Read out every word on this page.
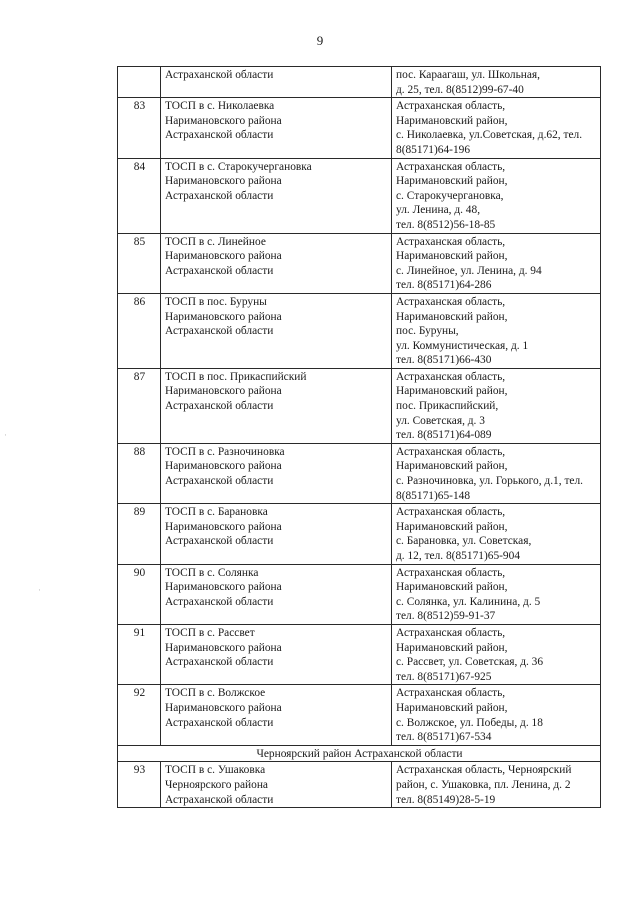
9

	Астраханской области	пос. Караагаш, ул. Школьная,
д. 25, тел. 8(8512)99-67-40

83	ТОСП в с. Николаевка
Наримановского района
Астраханской области	Астраханская область,
Наримановский район,
с. Николаевка, ул.Советская, д.62, тел.
8(85171)64-196

84	ТОСП в с. Старокучергановка
Наримановского района
Астраханской области	Астраханская область,
Наримановский район,
с. Старокучергановка,
ул. Ленина, д. 48,
тел. 8(8512)56-18-85

85	ТОСП в с. Линейное
Наримановского района
Астраханской области	Астраханская область,
Наримановский район,
с. Линейное, ул. Ленина, д. 94
тел. 8(85171)64-286

86	ТОСП в пос. Буруны
Наримановского района
Астраханской области	Астраханская область,
Наримановский район,
пос. Буруны,
ул. Коммунистическая, д. 1
тел. 8(85171)66-430

87	ТОСП в пос. Прикаспийский
Наримановского района
Астраханской области	Астраханская область,
Наримановский район,
пос. Прикаспийский,
ул. Советская, д. 3
тел. 8(85171)64-089

88	ТОСП в с. Разночиновка
Наримановского района
Астраханской области	Астраханская область,
Наримановский район,
с. Разночиновка, ул. Горького, д.1, тел.
8(85171)65-148

89	ТОСП в с. Барановка
Наримановского района
Астраханской области	Астраханская область,
Наримановский район,
с. Барановка, ул. Советская,
д. 12, тел. 8(85171)65-904

90	ТОСП в с. Солянка
Наримановского района
Астраханской области	Астраханская область,
Наримановский район,
с. Солянка, ул. Калинина, д. 5
тел. 8(8512)59-91-37

91	ТОСП в с. Рассвет
Наримановского района
Астраханской области	Астраханская область,
Наримановский район,
с. Рассвет, ул. Советская, д. 36
тел. 8(85171)67-925

92	ТОСП в с. Волжское
Наримановского района
Астраханской области	Астраханская область,
Наримановский район,
с. Волжское, ул. Победы, д. 18
тел. 8(85171)67-534

Черноярский район Астраханской области		
93	ТОСП в с. Ушаковка
Черноярского района
Астраханской области	Астраханская область, Черноярский
район, с. Ушаковка, пл. Ленина, д. 2
тел. 8(85149)28-5-19
·
·
